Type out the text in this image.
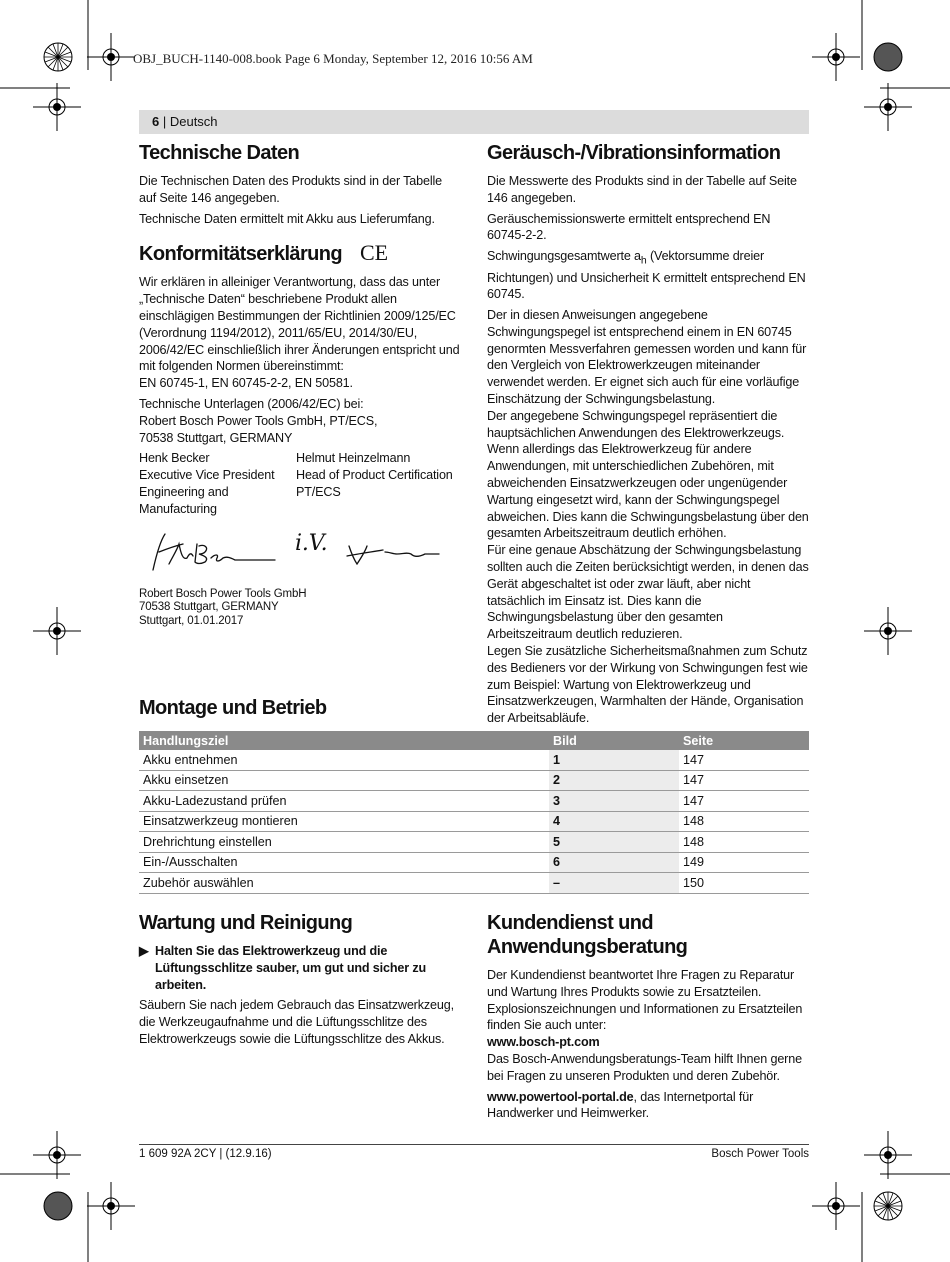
OBJ_BUCH-1140-008.book Page 6 Monday, September 12, 2016 10:56 AM
6 | Deutsch
Technische Daten

Die Technischen Daten des Produkts sind in der Tabelle auf Seite 146 angegeben.

Technische Daten ermittelt mit Akku aus Lieferumfang.

Konformitätserklärung CE

Wir erklären in alleiniger Verantwortung, dass das unter „Technische Daten“ beschriebene Produkt allen einschlägigen Bestimmungen der Richtlinien 2009/125/EC (Verordnung 1194/2012), 2011/65/EU, 2014/30/EU, 2006/42/EC einschließlich ihrer Änderungen entspricht und mit folgenden Normen übereinstimmt:

EN 60745-1, EN 60745-2-2, EN 50581.

Technische Unterlagen (2006/42/EC) bei:
Robert Bosch Power Tools GmbH, PT/ECS,
70538 Stuttgart, GERMANY
Henk Becker
Executive Vice President
Engineering and
Manufacturing
Helmut Heinzelmann
Head of Product Certification
PT/ECS
i.V.
Robert Bosch Power Tools GmbH
70538 Stuttgart, GERMANY
Stuttgart, 01.01.2017
Geräusch-/Vibrationsinformation

Die Messwerte des Produkts sind in der Tabelle auf Seite 146 angegeben.

Geräuschemissionswerte ermittelt entsprechend EN 60745-2-2.

Schwingungsgesamtwerte $a_h$ (Vektorsumme dreier Richtungen) und Unsicherheit K ermittelt entsprechend EN 60745.

Der in diesen Anweisungen angegebene Schwingungspegel ist entsprechend einem in EN 60745 genormten Messverfahren gemessen worden und kann für den Vergleich von Elektrowerkzeugen miteinander verwendet werden. Er eignet sich auch für eine vorläufige Einschätzung der Schwingungsbelastung.

Der angegebene Schwingungspegel repräsentiert die hauptsächlichen Anwendungen des Elektrowerkzeugs. Wenn allerdings das Elektrowerkzeug für andere Anwendungen, mit unterschiedlichen Zubehören, mit abweichenden Einsatzwerkzeugen oder ungenügender Wartung eingesetzt wird, kann der Schwingungspegel abweichen. Dies kann die Schwingungsbelastung über den gesamten Arbeitszeitraum deutlich erhöhen.

Für eine genaue Abschätzung der Schwingungsbelastung sollten auch die Zeiten berücksichtigt werden, in denen das Gerät abgeschaltet ist oder zwar läuft, aber nicht tatsächlich im Einsatz ist. Dies kann die Schwingungsbelastung über den gesamten Arbeitszeitraum deutlich reduzieren.

Legen Sie zusätzliche Sicherheitsmaßnahmen zum Schutz des Bedieners vor der Wirkung von Schwingungen fest wie zum Beispiel: Wartung von Elektrowerkzeug und Einsatzwerkzeugen, Warmhalten der Hände, Organisation der Arbeitsabläufe.

Montage und Betrieb
Handlungsziel	Bild	Seite
Akku entnehmen	1	147
Akku einsetzen	2	147
Akku-Ladezustand prüfen	3	147
Einsatzwerkzeug montieren	4	148
Drehrichtung einstellen	5	148
Ein-/Ausschalten	6	149
Zubehör auswählen	–	150
Wartung und Reinigung
▶ Halten Sie das Elektrowerkzeug und die Lüftungsschlitze sauber, um gut und sicher zu arbeiten.

Säubern Sie nach jedem Gebrauch das Einsatzwerkzeug, die Werkzeugaufnahme und die Lüftungsschlitze des Elektrowerkzeugs sowie die Lüftungsschlitze des Akkus.

Kundendienst und Anwendungsberatung

Der Kundendienst beantwortet Ihre Fragen zu Reparatur und Wartung Ihres Produkts sowie zu Ersatzteilen. Explosionszeichnungen und Informationen zu Ersatzteilen finden Sie auch unter:

www.bosch-pt.com

Das Bosch-Anwendungsberatungs-Team hilft Ihnen gerne bei Fragen zu unseren Produkten und deren Zubehör.

www.powertool-portal.de, das Internetportal für Handwerker und Heimwerker.

1 609 92A 2CY | (12.9.16)	Bosch Power Tools
